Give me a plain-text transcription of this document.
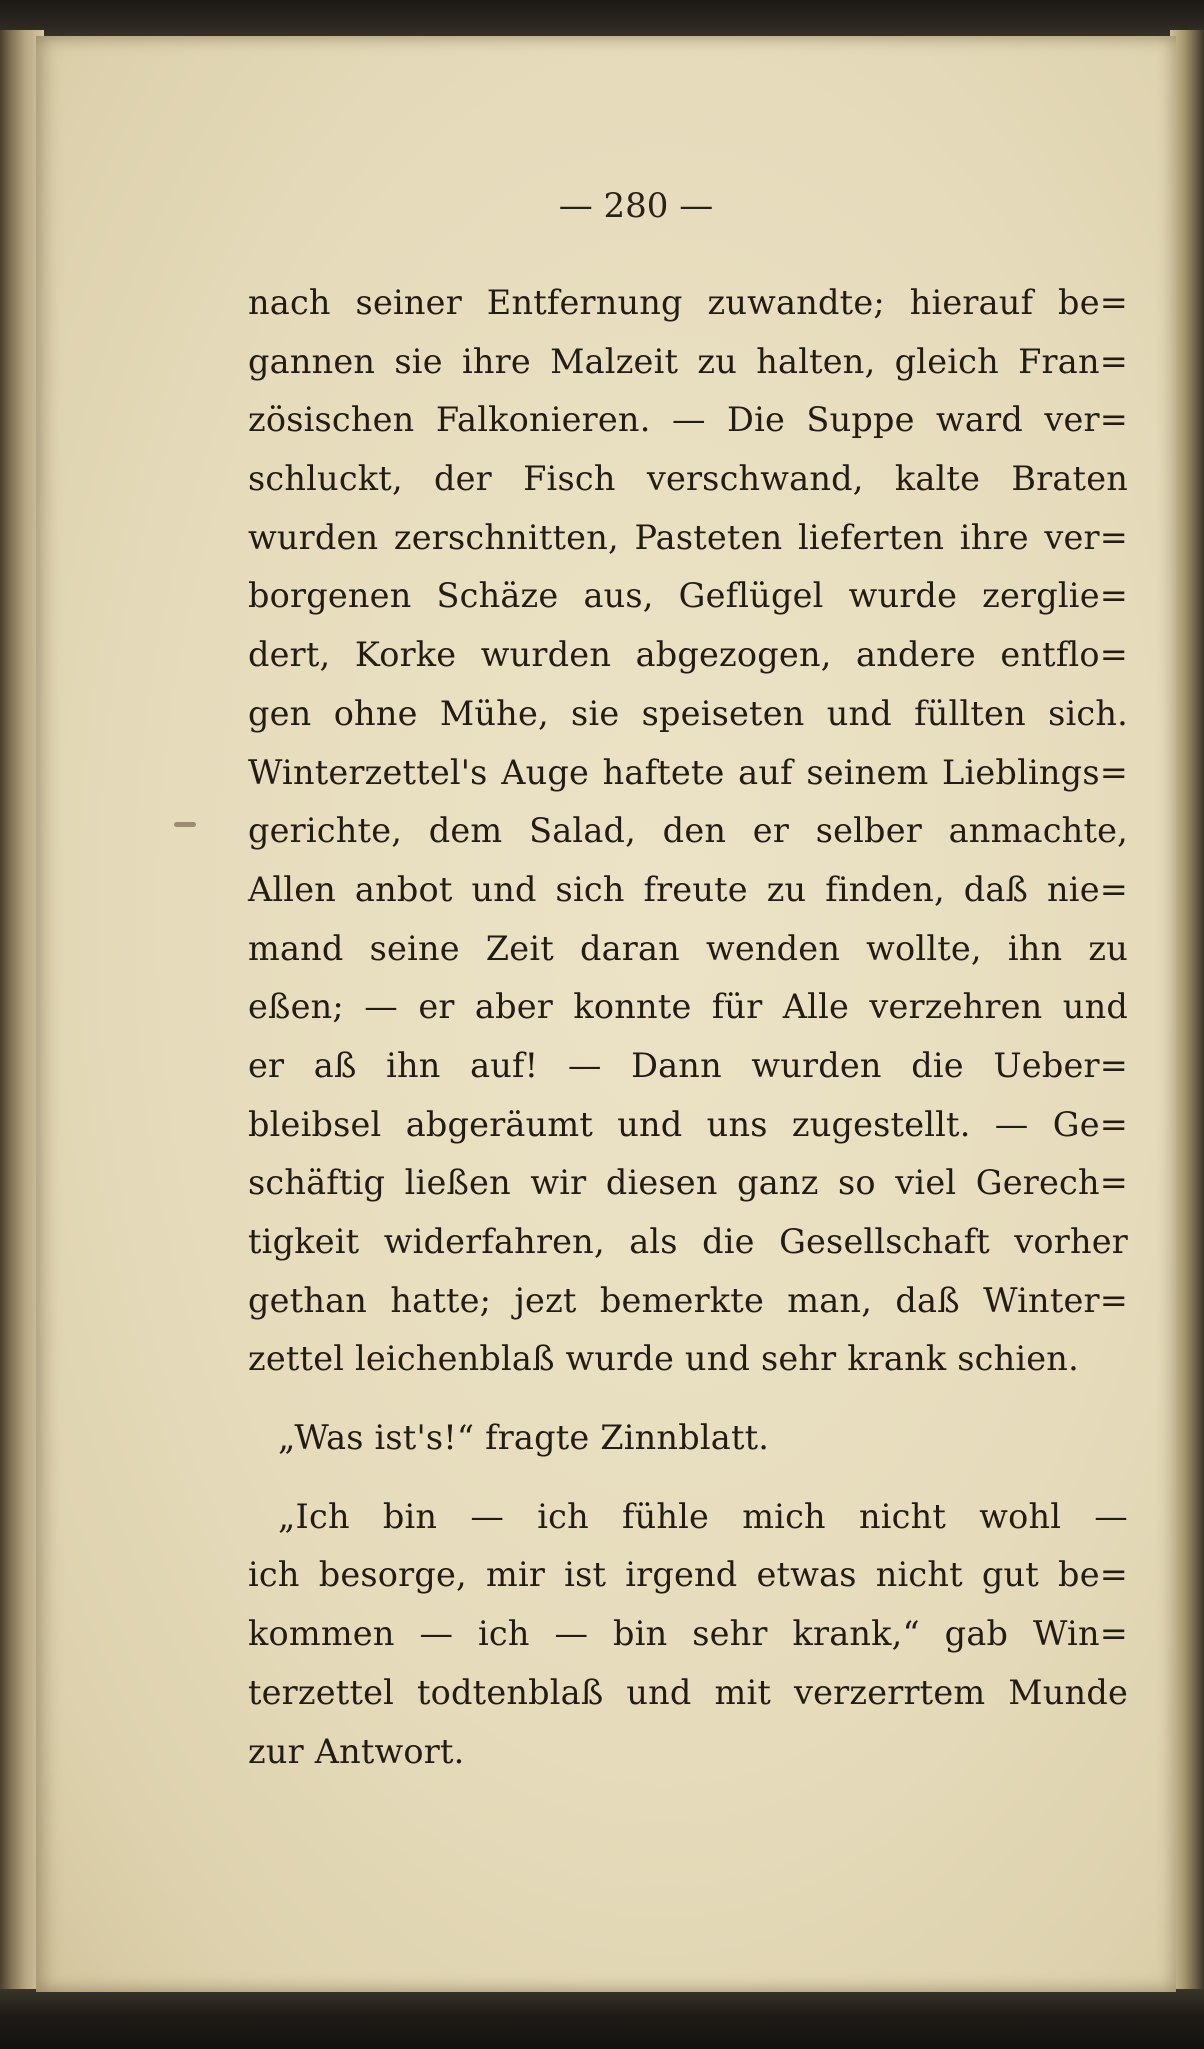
— 280 —
nach seiner Entfernung zuwandte; hierauf be=
gannen sie ihre Malzeit zu halten, gleich Fran=
zösischen Falkonieren. — Die Suppe ward ver=
schluckt, der Fisch verschwand, kalte Braten
wurden zerschnitten, Pasteten lieferten ihre ver=
borgenen Schäze aus, Geflügel wurde zerglie=
dert, Korke wurden abgezogen, andere entflo=
gen ohne Mühe, sie speiseten und füllten sich.
Winterzettel's Auge haftete auf seinem Lieblings=
gerichte, dem Salad, den er selber anmachte,
Allen anbot und sich freute zu finden, daß nie=
mand seine Zeit daran wenden wollte, ihn zu
eßen; — er aber konnte für Alle verzehren und
er aß ihn auf! — Dann wurden die Ueber=
bleibsel abgeräumt und uns zugestellt. — Ge=
schäftig ließen wir diesen ganz so viel Gerech=
tigkeit widerfahren, als die Gesellschaft vorher
gethan hatte; jezt bemerkte man, daß Winter=
zettel leichenblaß wurde und sehr krank schien.
„Was ist's!“ fragte Zinnblatt.
„Ich bin — ich fühle mich nicht wohl —
ich besorge, mir ist irgend etwas nicht gut be=
kommen — ich — bin sehr krank,“ gab Win=
terzettel todtenblaß und mit verzerrtem Munde
zur Antwort.
